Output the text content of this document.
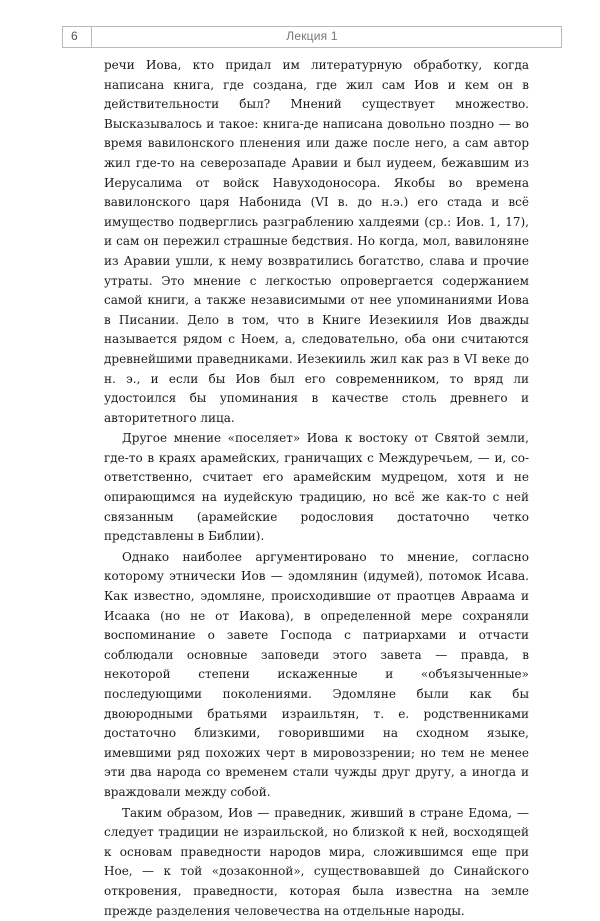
6	Лекция 1

речи Иова, кто придал им литературную обработку, когда написана книга, где создана, где жил сам Иов и кем он в действительности был? Мнений существует множество. Высказывалось и такое: книга-де написана довольно поздно — во время вавилонского пленения или даже после него, а сам автор жил где-то на северозападе Аравии и был иудеем, бежавшим из Иерусалима от войск Навуходоносора. Якобы во времена вавилонского царя Набонида (VI в. до н.э.) его стада и всё имущество подверглись разграблению халдеями (ср.: Иов. 1, 17), и сам он пережил страшные бедствия. Но когда, мол, вавилоняне из Аравии ушли, к нему возвратились богатство, слава и прочие утраты. Это мнение с легкостью опровергается содержанием самой книги, а также независимыми от нее упоминаниями Иова в Писании. Дело в том, что в Книге Иезекииля Иов дважды называется рядом с Ноем, а, следовательно, оба они считаются древнейшими праведниками. Иезекииль жил как раз в VI веке до н. э., и если бы Иов был его современником, то вряд ли удостоился бы упоминания в качестве столь древнего и авторитетного лица.

Другое мнение «поселяет» Иова к востоку от Святой земли, где-то в краях арамейских, граничащих с Междуречьем, — и, соответственно, считает его арамейским мудрецом, хотя и не опирающимся на иудейскую традицию, но всё же как-то с ней связанным (арамейские родословия достаточно четко представлены в Библии).

Однако наиболее аргументировано то мнение, согласно которому этнически Иов — эдомлянин (идумей), потомок Исава. Как известно, эдомляне, происходившие от праотцев Авраама и Исаака (но не от Иакова), в определенной мере сохраняли воспоминание о завете Господа с патриархами и отчасти соблюдали основные заповеди этого завета — правда, в некоторой степени искаженные и «объязыченные» последующими поколениями. Эдомляне были как бы двоюродными братьями израильтян, т. е. родственниками достаточно близкими, говорившими на сходном языке, имевшими ряд похожих черт в мировоззрении; но тем не менее эти два народа со временем стали чужды друг другу, а иногда и враждовали между собой.

Таким образом, Иов — праведник, живший в стране Едома, — следует традиции не израильской, но близкой к ней, восходящей к основам праведности народов мира, сложившимся еще при Ное, — к той «дозаконной», существовавшей до Синайского откровения, праведности, которая была известна на земле прежде разделения человечества на отдельные народы.
